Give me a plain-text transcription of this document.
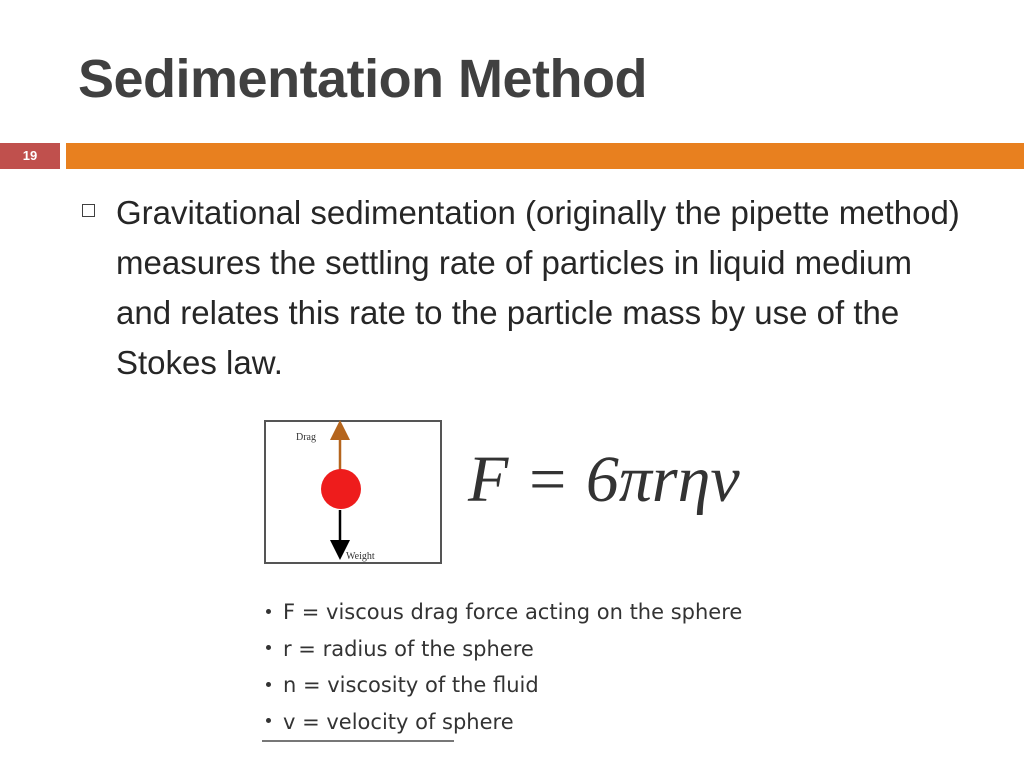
Sedimentation Method
19
Gravitational sedimentation (originally the pipette method) measures the settling rate of particles in liquid medium and relates this rate to the particle mass by use of the Stokes law.
Drag
Weight
F = 6πrηv
F = viscous drag force acting on the sphere
r = radius of the sphere
n = viscosity of the fluid
v = velocity of sphere
